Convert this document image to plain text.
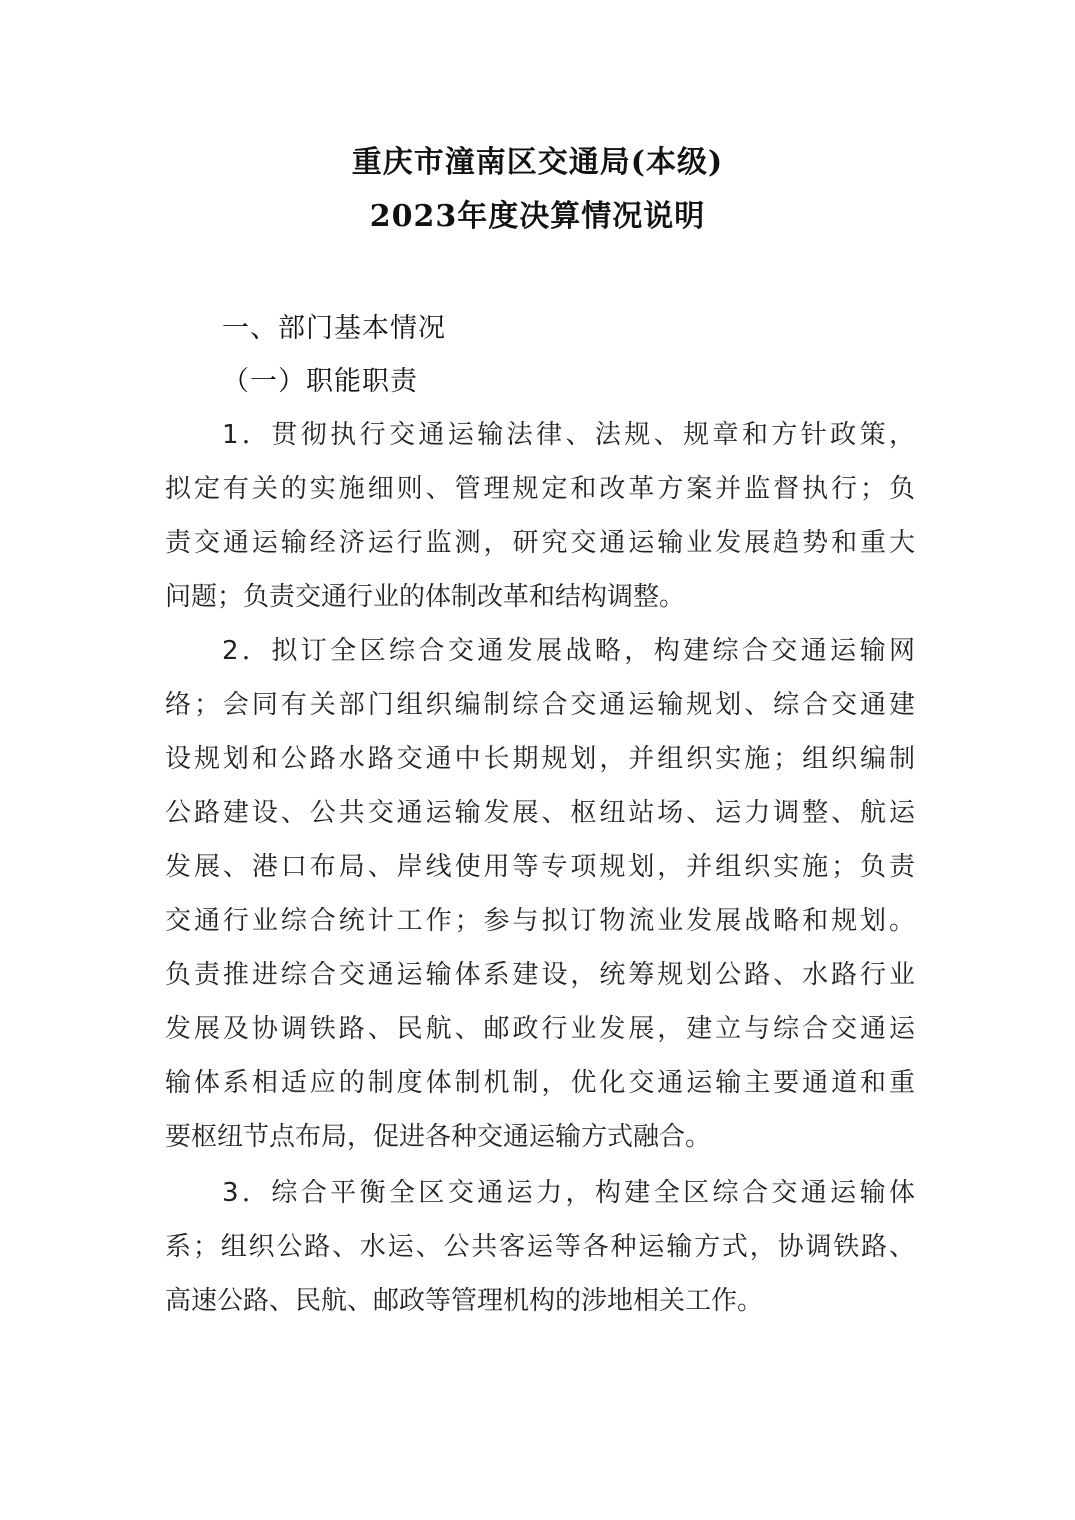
重庆市潼南区交通局(本级)
2023年度决算情况说明
一、部门基本情况
（一）职能职责
1．贯彻执行交通运输法律、法规、规章和方针政策，
拟定有关的实施细则、管理规定和改革方案并监督执行；负
责交通运输经济运行监测，研究交通运输业发展趋势和重大
问题；负责交通行业的体制改革和结构调整。
2．拟订全区综合交通发展战略，构建综合交通运输网
络；会同有关部门组织编制综合交通运输规划、综合交通建
设规划和公路水路交通中长期规划，并组织实施；组织编制
公路建设、公共交通运输发展、枢纽站场、运力调整、航运
发展、港口布局、岸线使用等专项规划，并组织实施；负责
交通行业综合统计工作；参与拟订物流业发展战略和规划。
负责推进综合交通运输体系建设，统筹规划公路、水路行业
发展及协调铁路、民航、邮政行业发展，建立与综合交通运
输体系相适应的制度体制机制，优化交通运输主要通道和重
要枢纽节点布局，促进各种交通运输方式融合。
3．综合平衡全区交通运力，构建全区综合交通运输体
系；组织公路、水运、公共客运等各种运输方式，协调铁路、
高速公路、民航、邮政等管理机构的涉地相关工作。
